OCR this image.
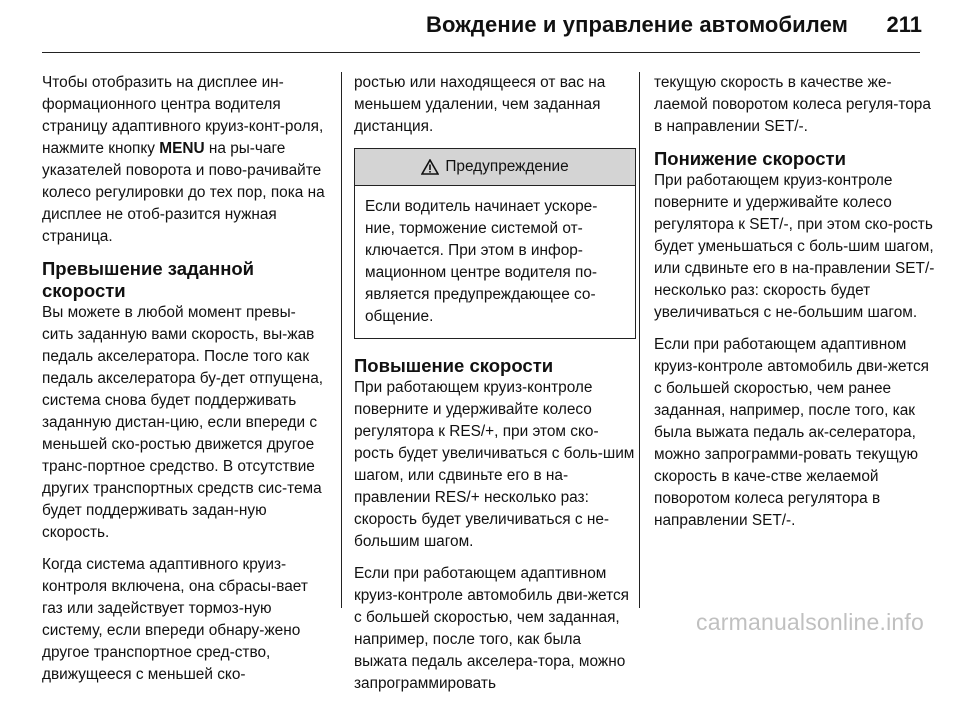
Вождение и управление автомобилем 211

Чтобы отобразить на дисплее ин-формационного центра водителя страницу адаптивного круиз-конт-роля, нажмите кнопку MENU на ры-чаге указателей поворота и пово-рачивайте колесо регулировки до тех пор, пока на дисплее не отоб-разится нужная страница.

Превышение заданной скорости

Вы можете в любой момент превы-сить заданную вами скорость, вы-жав педаль акселератора. После того как педаль акселератора бу-дет отпущена, система снова будет поддерживать заданную дистан-цию, если впереди с меньшей ско-ростью движется другое транс-портное средство. В отсутствие других транспортных средств сис-тема будет поддерживать задан-ную скорость.

Когда система адаптивного круиз-контроля включена, она сбрасы-вает газ или задействует тормоз-ную систему, если впереди обнару-жено другое транспортное сред-ство, движущееся с меньшей ско-

ростью или находящееся от вас на меньшем удалении, чем заданная дистанция.

Предупреждение
Если водитель начинает ускоре-ние, торможение системой от-ключается. При этом в инфор-мационном центре водителя по-является предупреждающее со-общение.
Повышение скорости

При работающем круиз-контроле поверните и удерживайте колесо регулятора к RES/+, при этом ско-рость будет увеличиваться с боль-шим шагом, или сдвиньте его в на-правлении RES/+ несколько раз: скорость будет увеличиваться с не-большим шагом.

Если при работающем адаптивном круиз-контроле автомобиль дви-жется с большей скоростью, чем заданная, например, после того, как была выжата педаль акселера-тора, можно запрограммировать

текущую скорость в качестве же-лаемой поворотом колеса регуля-тора в направлении SET/-.

Понижение скорости

При работающем круиз-контроле поверните и удерживайте колесо регулятора к SET/-, при этом ско-рость будет уменьшаться с боль-шим шагом, или сдвиньте его в на-правлении SET/- несколько раз: скорость будет увеличиваться с не-большим шагом.

Если при работающем адаптивном круиз-контроле автомобиль дви-жется с большей скоростью, чем ранее заданная, например, после того, как была выжата педаль ак-селератора, можно запрограмми-ровать текущую скорость в каче-стве желаемой поворотом колеса регулятора в направлении SET/-.

carmanualsonline.info
